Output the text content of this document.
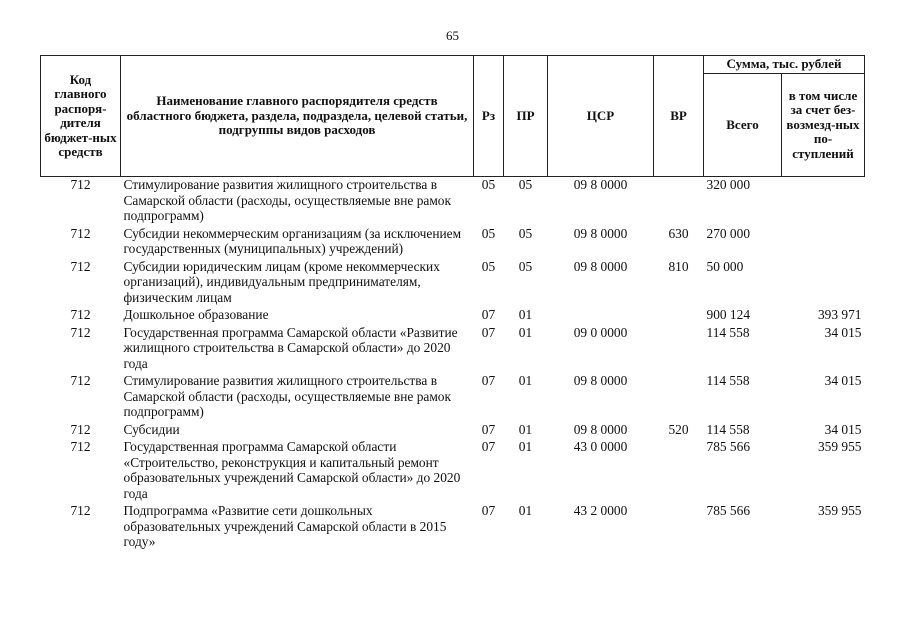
65
Код главного распоря-дителя бюджет-ных средств	Наименование главного распорядителя средств областного бюджета, раздела, подраздела, целевой статьи, подгруппы видов расходов	Рз	ПР	ЦСР	ВР	Сумма, тыс. рублей	
						Всего	в том числе за счет без-возмезд-ных по-ступлений
712	Стимулирование развития жилищного строительства в Самарской области (расходы, осуществляемые вне рамок подпрограмм)	05	05	09 8 0000		320 000	
712	Субсидии некоммерческим организациям (за исключением государственных (муниципальных) учреждений)	05	05	09 8 0000	630	270 000	
712	Субсидии юридическим лицам (кроме некоммерческих организаций), индивидуальным предпринимателям, физическим лицам	05	05	09 8 0000	810	50 000	
712	Дошкольное образование	07	01			900 124	393 971
712	Государственная программа Самарской области «Развитие жилищного строительства в Самарской области» до 2020 года	07	01	09 0 0000		114 558	34 015
712	Стимулирование развития жилищного строительства в Самарской области (расходы, осуществляемые вне рамок подпрограмм)	07	01	09 8 0000		114 558	34 015
712	Субсидии	07	01	09 8 0000	520	114 558	34 015
712	Государственная программа Самарской области «Строительство, реконструкция и капитальный ремонт образовательных учреждений Самарской области» до 2020 года	07	01	43 0 0000		785 566	359 955
712	Подпрограмма «Развитие сети дошкольных образовательных учреждений Самарской области в 2015 году»	07	01	43 2 0000		785 566	359 955
